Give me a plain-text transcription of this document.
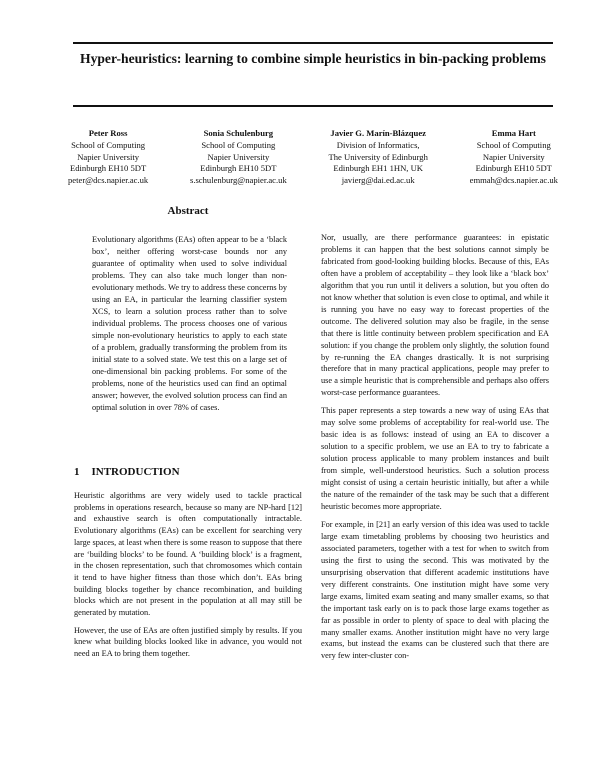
Hyper-heuristics: learning to combine simple heuristics in bin-packing problems
Peter Ross
School of Computing
Napier University
Edinburgh EH10 5DT
peter@dcs.napier.ac.uk
Sonia Schulenburg
School of Computing
Napier University
Edinburgh EH10 5DT
s.schulenburg@napier.ac.uk
Javier G. Marín-Blázquez
Division of Informatics,
The University of Edinburgh
Edinburgh EH1 1HN, UK
javierg@dai.ed.ac.uk
Emma Hart
School of Computing
Napier University
Edinburgh EH10 5DT
emmah@dcs.napier.ac.uk
Abstract

Evolutionary algorithms (EAs) often appear to be a ‘black box’, neither offering worst-case bounds nor any guarantee of optimality when used to solve individual problems. They can also take much longer than non-evolutionary methods. We try to address these concerns by using an EA, in particular the learning classifier system XCS, to learn a solution process rather than to solve individual problems. The process chooses one of various simple non-evolutionary heuristics to apply to each state of a problem, gradually transforming the problem from its initial state to a solved state. We test this on a large set of one-dimensional bin packing problems. For some of the problems, none of the heuristics used can find an optimal answer; however, the evolved solution process can find an optimal solution in over 78% of cases.

1 INTRODUCTION

Heuristic algorithms are very widely used to tackle practical problems in operations research, because so many are NP-hard [12] and exhaustive search is often computationally intractable. Evolutionary algorithms (EAs) can be excellent for searching very large spaces, at least when there is some reason to suppose that there are ‘building blocks’ to be found. A ‘building block’ is a fragment, in the chosen representation, such that chromosomes which contain it tend to have higher fitness than those which don’t. EAs bring building blocks together by chance recombination, and building blocks which are not present in the population at all may still be generated by mutation.

However, the use of EAs are often justified simply by results. If you knew what building blocks looked like in advance, you would not need an EA to bring them together.

Nor, usually, are there performance guarantees: in epistatic problems it can happen that the best solutions cannot simply be fabricated from good-looking building blocks. Because of this, EAs often have a problem of acceptability – they look like a ‘black box’ algorithm that you run until it delivers a solution, but you often do not know whether that solution is even close to optimal, and while it is running you have no easy way to forecast properties of the outcome. The delivered solution may also be fragile, in the sense that there is little continuity between problem specification and EA solution: if you change the problem only slightly, the solution found by re-running the EA changes drastically. It is not surprising therefore that in many practical applications, people may prefer to use a simple heuristic that is comprehensible and perhaps also offers worst-case performance guarantees.

This paper represents a step towards a new way of using EAs that may solve some problems of acceptability for real-world use. The basic idea is as follows: instead of using an EA to discover a solution to a specific problem, we use an EA to try to fabricate a solution process applicable to many problem instances and built from simple, well-understood heuristics. Such a solution process might consist of using a certain heuristic initially, but after a while the nature of the remainder of the task may be such that a different heuristic becomes more appropriate.

For example, in [21] an early version of this idea was used to tackle large exam timetabling problems by choosing two heuristics and associated parameters, together with a test for when to switch from using the first to using the second. This was motivated by the unsurprising observation that different academic institutions have very different constraints. One institution might have some very large exams, limited exam seating and many smaller exams, so that the important task early on is to pack those large exams together as far as possible in order to plenty of space to deal with placing the many smaller exams. Another institution might have no very large exams, but instead the exams can be clustered such that there are very few inter-cluster con-
